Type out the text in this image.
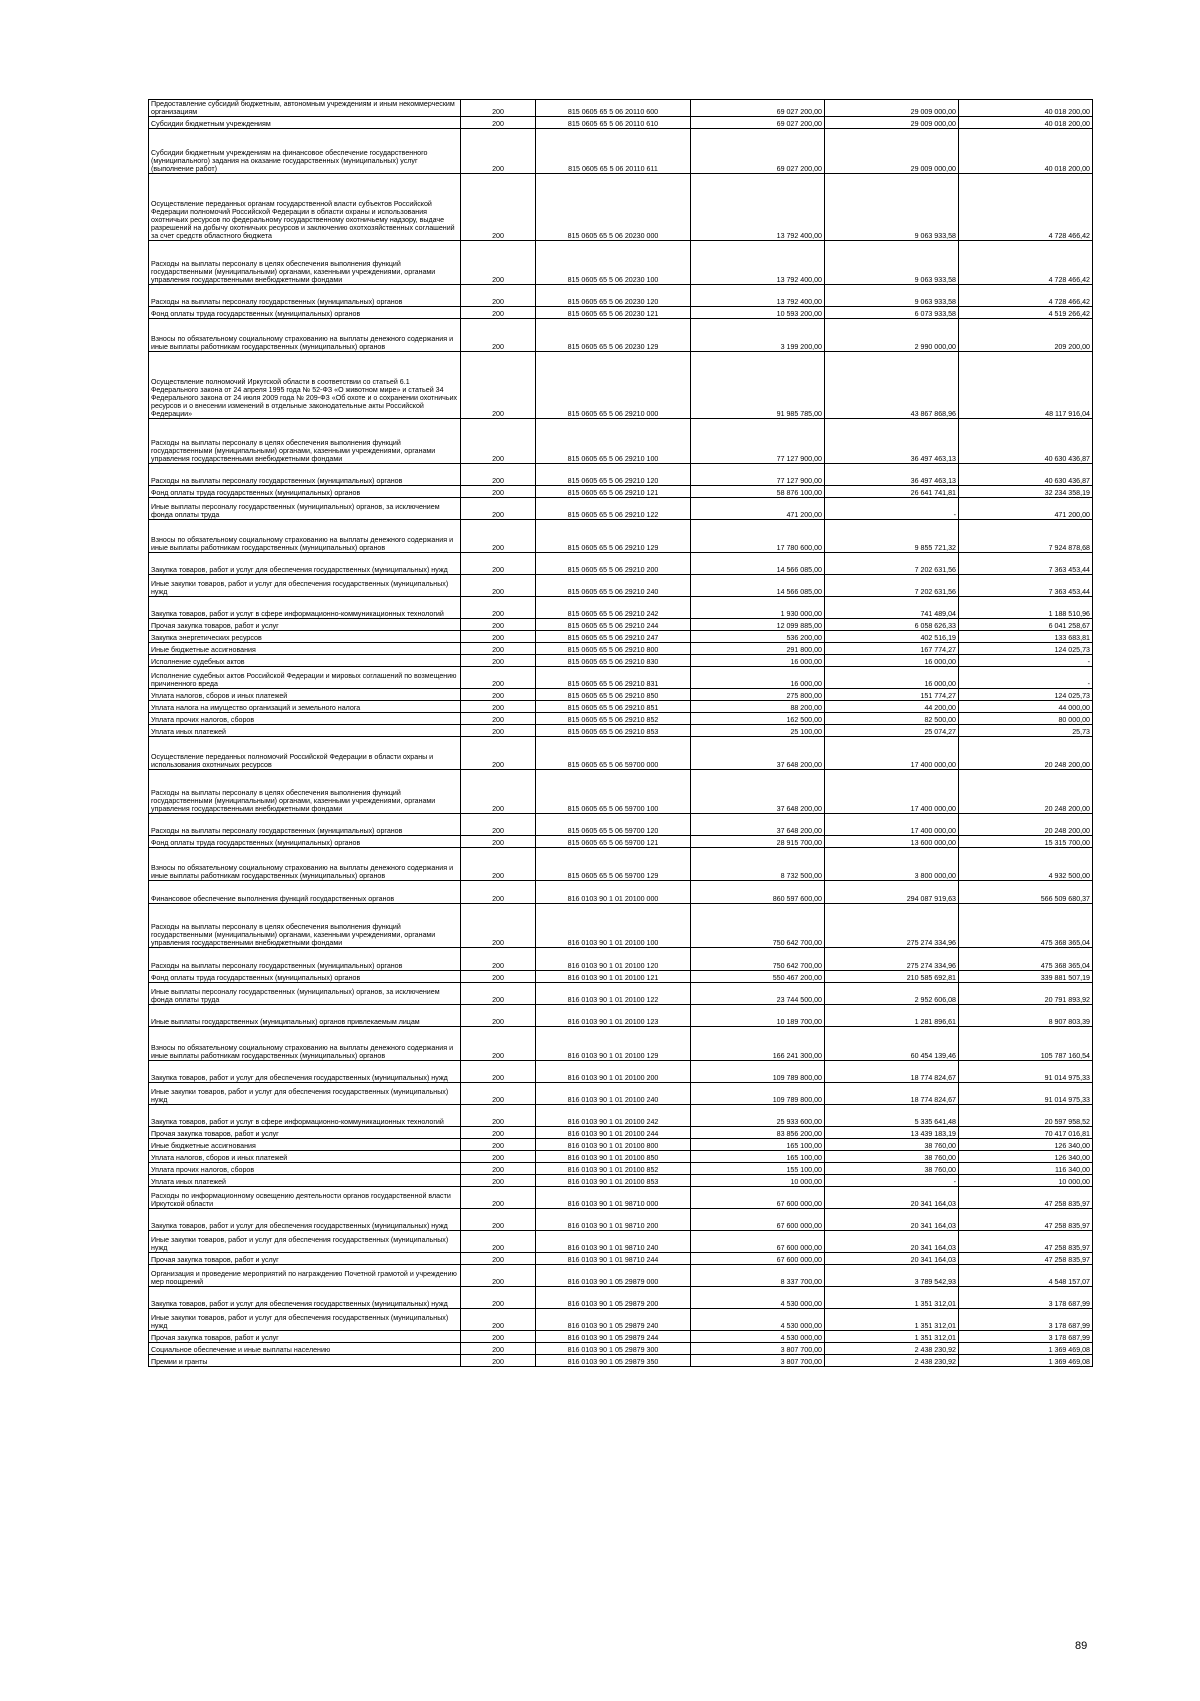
Предоставление субсидий бюджетным, автономным учреждениям и иным некоммерческим организациям	200	815 0605 65 5 06 20110 600	69 027 200,00	29 009 000,00	40 018 200,00
Субсидии бюджетным учреждениям	200	815 0605 65 5 06 20110 610	69 027 200,00	29 009 000,00	40 018 200,00
Субсидии бюджетным учреждениям на финансовое обеспечение государственного (муниципального) задания на оказание государственных (муниципальных) услуг (выполнение работ)	200	815 0605 65 5 06 20110 611	69 027 200,00	29 009 000,00	40 018 200,00
Осуществление переданных органам государственной власти субъектов Российской Федерации полномочий Российской Федерации в области охраны и использования охотничьих ресурсов по федеральному государственному охотничьему надзору, выдаче разрешений на добычу охотничьих ресурсов и заключению охотхозяйственных соглашений за счет средств областного бюджета	200	815 0605 65 5 06 20230 000	13 792 400,00	9 063 933,58	4 728 466,42
Расходы на выплаты персоналу в целях обеспечения выполнения функций государственными (муниципальными) органами, казенными учреждениями, органами управления государственными внебюджетными фондами	200	815 0605 65 5 06 20230 100	13 792 400,00	9 063 933,58	4 728 466,42
Расходы на выплаты персоналу государственных (муниципальных) органов	200	815 0605 65 5 06 20230 120	13 792 400,00	9 063 933,58	4 728 466,42
Фонд оплаты труда государственных (муниципальных) органов	200	815 0605 65 5 06 20230 121	10 593 200,00	6 073 933,58	4 519 266,42
Взносы по обязательному социальному страхованию на выплаты денежного содержания и иные выплаты работникам государственных (муниципальных) органов	200	815 0605 65 5 06 20230 129	3 199 200,00	2 990 000,00	209 200,00
Осуществление полномочий Иркутской области в соответствии со статьей 6.1 Федерального закона от 24 апреля 1995 года № 52-ФЗ «О животном мире» и статьей 34 Федерального закона от 24 июля 2009 года № 209-ФЗ «Об охоте и о сохранении охотничьих ресурсов и о внесении изменений в отдельные законодательные акты Российской Федерации»	200	815 0605 65 5 06 29210 000	91 985 785,00	43 867 868,96	48 117 916,04
Расходы на выплаты персоналу в целях обеспечения выполнения функций государственными (муниципальными) органами, казенными учреждениями, органами управления государственными внебюджетными фондами	200	815 0605 65 5 06 29210 100	77 127 900,00	36 497 463,13	40 630 436,87
Расходы на выплаты персоналу государственных (муниципальных) органов	200	815 0605 65 5 06 29210 120	77 127 900,00	36 497 463,13	40 630 436,87
Фонд оплаты труда государственных (муниципальных) органов	200	815 0605 65 5 06 29210 121	58 876 100,00	26 641 741,81	32 234 358,19
Иные выплаты персоналу государственных (муниципальных) органов, за исключением фонда оплаты труда	200	815 0605 65 5 06 29210 122	471 200,00	-	471 200,00
Взносы по обязательному социальному страхованию на выплаты денежного содержания и иные выплаты работникам государственных (муниципальных) органов	200	815 0605 65 5 06 29210 129	17 780 600,00	9 855 721,32	7 924 878,68
Закупка товаров, работ и услуг для обеспечения государственных (муниципальных) нужд	200	815 0605 65 5 06 29210 200	14 566 085,00	7 202 631,56	7 363 453,44
Иные закупки товаров, работ и услуг для обеспечения государственных (муниципальных) нужд	200	815 0605 65 5 06 29210 240	14 566 085,00	7 202 631,56	7 363 453,44
Закупка товаров, работ и услуг в сфере информационно-коммуникационных технологий	200	815 0605 65 5 06 29210 242	1 930 000,00	741 489,04	1 188 510,96
Прочая закупка товаров, работ и услуг	200	815 0605 65 5 06 29210 244	12 099 885,00	6 058 626,33	6 041 258,67
Закупка энергетических ресурсов	200	815 0605 65 5 06 29210 247	536 200,00	402 516,19	133 683,81
Иные бюджетные ассигнования	200	815 0605 65 5 06 29210 800	291 800,00	167 774,27	124 025,73
Исполнение судебных актов	200	815 0605 65 5 06 29210 830	16 000,00	16 000,00	-
Исполнение судебных актов Российской Федерации и мировых соглашений по возмещению причиненного вреда	200	815 0605 65 5 06 29210 831	16 000,00	16 000,00	-
Уплата налогов, сборов и иных платежей	200	815 0605 65 5 06 29210 850	275 800,00	151 774,27	124 025,73
Уплата налога на имущество организаций и земельного налога	200	815 0605 65 5 06 29210 851	88 200,00	44 200,00	44 000,00
Уплата прочих налогов, сборов	200	815 0605 65 5 06 29210 852	162 500,00	82 500,00	80 000,00
Уплата иных платежей	200	815 0605 65 5 06 29210 853	25 100,00	25 074,27	25,73
Осуществление переданных полномочий Российской Федерации в области охраны и использования охотничьих ресурсов	200	815 0605 65 5 06 59700 000	37 648 200,00	17 400 000,00	20 248 200,00
Расходы на выплаты персоналу в целях обеспечения выполнения функций государственными (муниципальными) органами, казенными учреждениями, органами управления государственными внебюджетными фондами	200	815 0605 65 5 06 59700 100	37 648 200,00	17 400 000,00	20 248 200,00
Расходы на выплаты персоналу государственных (муниципальных) органов	200	815 0605 65 5 06 59700 120	37 648 200,00	17 400 000,00	20 248 200,00
Фонд оплаты труда государственных (муниципальных) органов	200	815 0605 65 5 06 59700 121	28 915 700,00	13 600 000,00	15 315 700,00
Взносы по обязательному социальному страхованию на выплаты денежного содержания и иные выплаты работникам государственных (муниципальных) органов	200	815 0605 65 5 06 59700 129	8 732 500,00	3 800 000,00	4 932 500,00
Финансовое обеспечение выполнения функций государственных органов	200	816 0103 90 1 01 20100 000	860 597 600,00	294 087 919,63	566 509 680,37
Расходы на выплаты персоналу в целях обеспечения выполнения функций государственными (муниципальными) органами, казенными учреждениями, органами управления государственными внебюджетными фондами	200	816 0103 90 1 01 20100 100	750 642 700,00	275 274 334,96	475 368 365,04
Расходы на выплаты персоналу государственных (муниципальных) органов	200	816 0103 90 1 01 20100 120	750 642 700,00	275 274 334,96	475 368 365,04
Фонд оплаты труда государственных (муниципальных) органов	200	816 0103 90 1 01 20100 121	550 467 200,00	210 585 692,81	339 881 507,19
Иные выплаты персоналу государственных (муниципальных) органов, за исключением фонда оплаты труда	200	816 0103 90 1 01 20100 122	23 744 500,00	2 952 606,08	20 791 893,92
Иные выплаты государственных (муниципальных) органов привлекаемым лицам	200	816 0103 90 1 01 20100 123	10 189 700,00	1 281 896,61	8 907 803,39
Взносы по обязательному социальному страхованию на выплаты денежного содержания и иные выплаты работникам государственных (муниципальных) органов	200	816 0103 90 1 01 20100 129	166 241 300,00	60 454 139,46	105 787 160,54
Закупка товаров, работ и услуг для обеспечения государственных (муниципальных) нужд	200	816 0103 90 1 01 20100 200	109 789 800,00	18 774 824,67	91 014 975,33
Иные закупки товаров, работ и услуг для обеспечения государственных (муниципальных) нужд	200	816 0103 90 1 01 20100 240	109 789 800,00	18 774 824,67	91 014 975,33
Закупка товаров, работ и услуг в сфере информационно-коммуникационных технологий	200	816 0103 90 1 01 20100 242	25 933 600,00	5 335 641,48	20 597 958,52
Прочая закупка товаров, работ и услуг	200	816 0103 90 1 01 20100 244	83 856 200,00	13 439 183,19	70 417 016,81
Иные бюджетные ассигнования	200	816 0103 90 1 01 20100 800	165 100,00	38 760,00	126 340,00
Уплата налогов, сборов и иных платежей	200	816 0103 90 1 01 20100 850	165 100,00	38 760,00	126 340,00
Уплата прочих налогов, сборов	200	816 0103 90 1 01 20100 852	155 100,00	38 760,00	116 340,00
Уплата иных платежей	200	816 0103 90 1 01 20100 853	10 000,00	-	10 000,00
Расходы по информационному освещению деятельности органов государственной власти Иркутской области	200	816 0103 90 1 01 98710 000	67 600 000,00	20 341 164,03	47 258 835,97
Закупка товаров, работ и услуг для обеспечения государственных (муниципальных) нужд	200	816 0103 90 1 01 98710 200	67 600 000,00	20 341 164,03	47 258 835,97
Иные закупки товаров, работ и услуг для обеспечения государственных (муниципальных) нужд	200	816 0103 90 1 01 98710 240	67 600 000,00	20 341 164,03	47 258 835,97
Прочая закупка товаров, работ и услуг	200	816 0103 90 1 01 98710 244	67 600 000,00	20 341 164,03	47 258 835,97
Организация и проведение мероприятий по награждению Почетной грамотой и учреждению мер поощрений	200	816 0103 90 1 05 29879 000	8 337 700,00	3 789 542,93	4 548 157,07
Закупка товаров, работ и услуг для обеспечения государственных (муниципальных) нужд	200	816 0103 90 1 05 29879 200	4 530 000,00	1 351 312,01	3 178 687,99
Иные закупки товаров, работ и услуг для обеспечения государственных (муниципальных) нужд	200	816 0103 90 1 05 29879 240	4 530 000,00	1 351 312,01	3 178 687,99
Прочая закупка товаров, работ и услуг	200	816 0103 90 1 05 29879 244	4 530 000,00	1 351 312,01	3 178 687,99
Социальное обеспечение и иные выплаты населению	200	816 0103 90 1 05 29879 300	3 807 700,00	2 438 230,92	1 369 469,08
Премии и гранты	200	816 0103 90 1 05 29879 350	3 807 700,00	2 438 230,92	1 369 469,08
89
